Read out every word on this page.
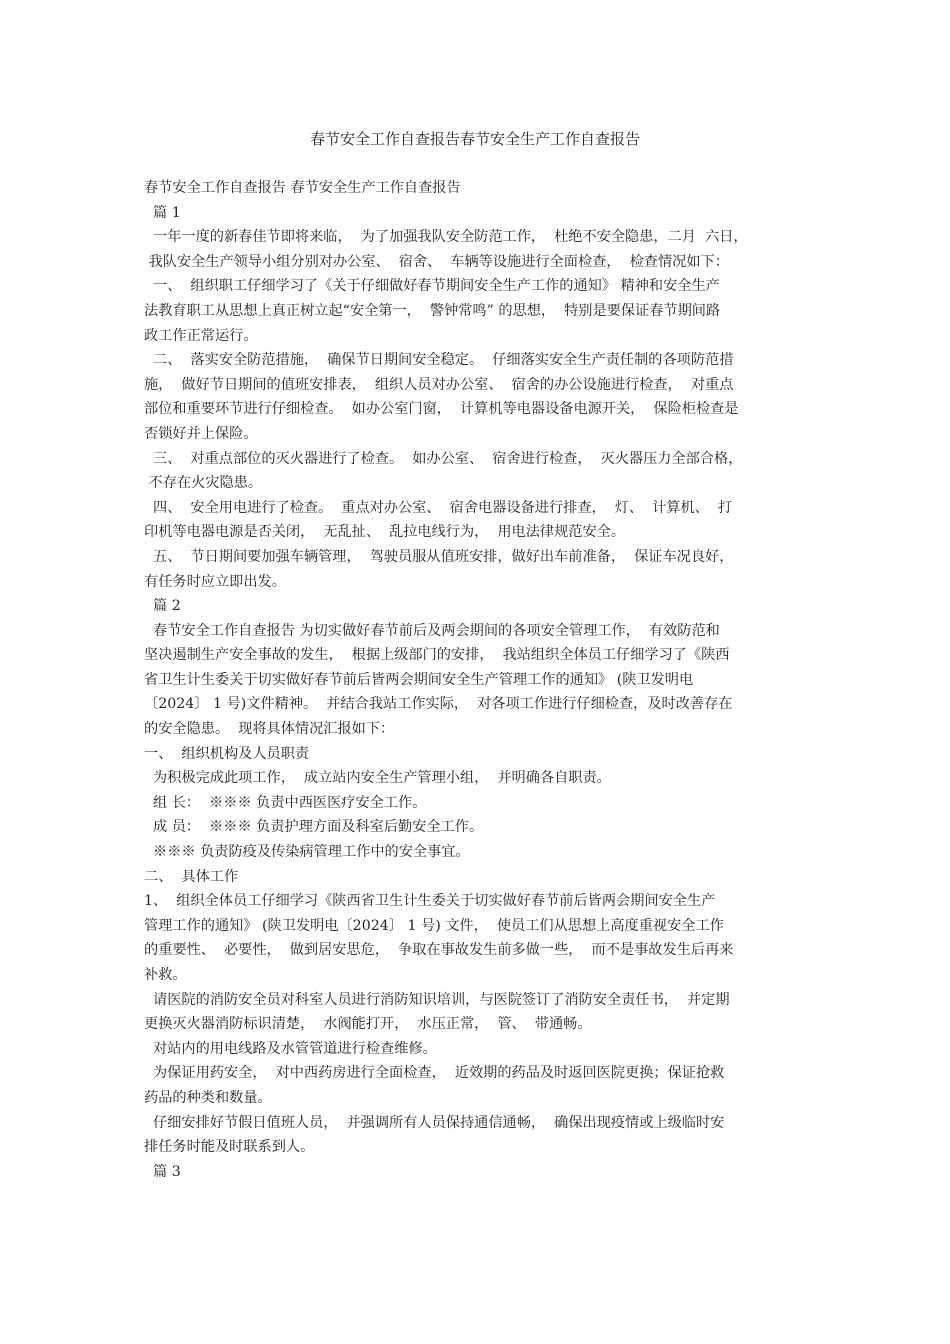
春节安全工作自查报告春节安全生产工作自查报告
春节安全工作自查报告 春节安全生产工作自查报告
篇 1
一年一度的新春佳节即将来临，  为了加强我队安全防范工作，  杜绝不安全隐患，二月  六日，
我队安全生产领导小组分别对办公室、  宿舍、  车辆等设施进行全面检查，  检查情况如下：
一、  组织职工仔细学习了《关于仔细做好春节期间安全生产工作的通知》 精神和安全生产
法教育职工从思想上真正树立起“安全第一，  警钟常鸣” 的思想，  特别是要保证春节期间路
政工作正常运行。
二、  落实安全防范措施，  确保节日期间安全稳定。  仔细落实安全生产责任制的各项防范措
施，  做好节日期间的值班安排表，  组织人员对办公室、  宿舍的办公设施进行检查，  对重点
部位和重要环节进行仔细检查。  如办公室门窗，  计算机等电器设备电源开关，  保险柜检查是
否锁好并上保险。
三、  对重点部位的灭火器进行了检查。  如办公室、  宿舍进行检查，  灭火器压力全部合格，
不存在火灾隐患。
四、  安全用电进行了检查。  重点对办公室、  宿舍电器设备进行排查，  灯、  计算机、  打
印机等电器电源是否关闭，  无乱扯、  乱拉电线行为，  用电法律规范安全。
五、  节日期间要加强车辆管理，  驾驶员服从值班安排，做好出车前准备，  保证车况良好，
有任务时应立即出发。
篇 2
春节安全工作自查报告 为切实做好春节前后及两会期间的各项安全管理工作，  有效防范和
坚决遏制生产安全事故的发生，  根据上级部门的安排，  我站组织全体员工仔细学习了《陕西
省卫生计生委关于切实做好春节前后皆两会期间安全生产管理工作的通知》 (陕卫发明电
〔2024〕 1 号)文件精神。  并结合我站工作实际，  对各项工作进行仔细检查，及时改善存在
的安全隐患。  现将具体情况汇报如下：
一、  组织机构及人员职责
为积极完成此项工作，  成立站内安全生产管理小组，  并明确各自职责。
组 长：  ※※※ 负责中西医医疗安全工作。
成 员：  ※※※ 负责护理方面及科室后勤安全工作。
※※※ 负责防疫及传染病管理工作中的安全事宜。
二、  具体工作
1、  组织全体员工仔细学习《陕西省卫生计生委关于切实做好春节前后皆两会期间安全生产
管理工作的通知》 (陕卫发明电〔2024〕 1 号) 文件，  使员工们从思想上高度重视安全工作
的重要性、  必要性，  做到居安思危，  争取在事故发生前多做一些，  而不是事故发生后再来
补救。
请医院的消防安全员对科室人员进行消防知识培训，与医院签订了消防安全责任书，  并定期
更换灭火器消防标识清楚，  水阀能打开，  水压正常，  管、  带通畅。
对站内的用电线路及水管管道进行检查维修。
为保证用药安全，  对中西药房进行全面检查，  近效期的药品及时返回医院更换；保证抢救
药品的种类和数量。
仔细安排好节假日值班人员，  并强调所有人员保持通信通畅，  确保出现疫情或上级临时安
排任务时能及时联系到人。
篇 3
